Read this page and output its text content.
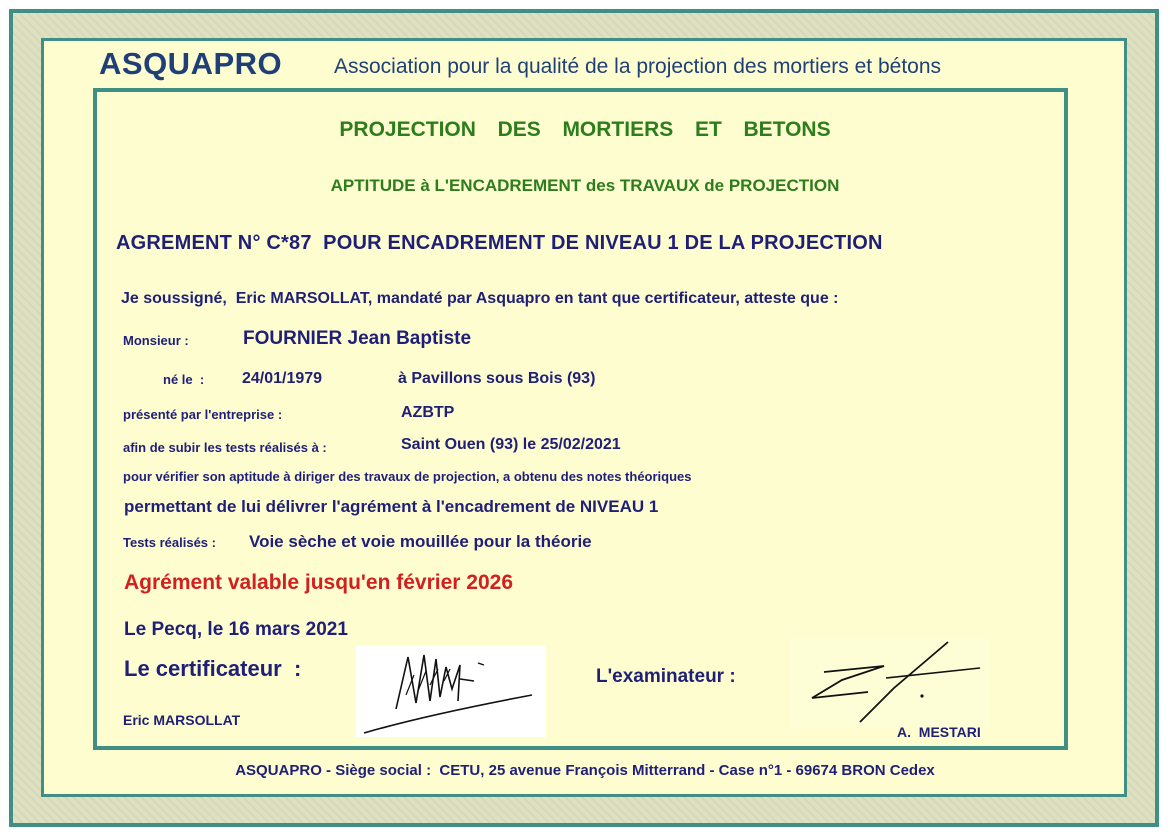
ASQUAPRO Association pour la qualité de la projection des mortiers et bétons
PROJECTION  DES  MORTIERS  ET  BETONS
APTITUDE à L'ENCADREMENT des TRAVAUX de PROJECTION
AGREMENT N° C*87  POUR ENCADREMENT DE NIVEAU 1 DE LA PROJECTION
Je soussigné,  Eric MARSOLLAT, mandaté par Asquapro en tant que certificateur, atteste que :
Monsieur :	FOURNIER Jean Baptiste
né le  : 24/01/1979	à Pavillons sous Bois (93)
présenté par l'entreprise :	AZBTP
afin de subir les tests réalisés à :	Saint Ouen (93) le 25/02/2021
pour vérifier son aptitude à diriger des travaux de projection, a obtenu des notes théoriques
permettant de lui délivrer l'agrément à l'encadrement de NIVEAU 1
Tests réalisés : Voie sèche et voie mouillée pour la théorie
Agrément valable jusqu'en février 2026
Le Pecq, le 16 mars 2021
Le certificateur  :	L'examinateur :
Eric MARSOLLAT
A.  MESTARI
ASQUAPRO - Siège social :  CETU, 25 avenue François Mitterrand - Case n°1 - 69674 BRON Cedex
